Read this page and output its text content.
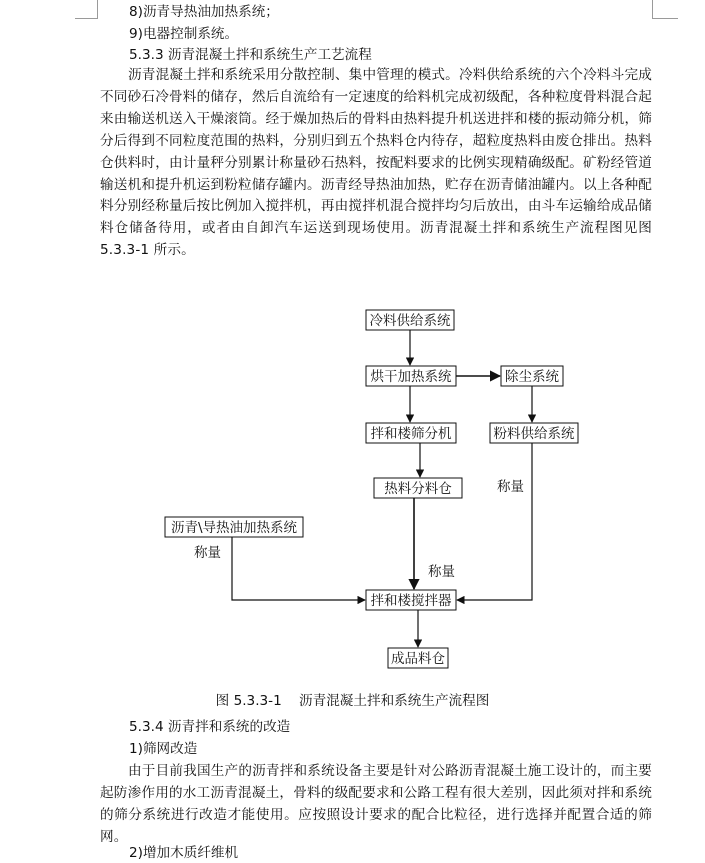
8)沥青导热油加热系统；
9)电器控制系统。
5.3.3 沥青混凝土拌和系统生产工艺流程

沥青混凝土拌和系统采用分散控制、集中管理的模式。冷料供给系统的六个冷料斗完成不同砂石冷骨料的储存，然后自流给有一定速度的给料机完成初级配，各种粒度骨料混合起来由输送机送入干燥滚筒。经于燥加热后的骨料由热料提升机送进拌和楼的振动筛分机，筛分后得到不同粒度范围的热料，分别归到五个热料仓内待存，超粒度热料由废仓排出。热料仓供料时，由计量秤分别累计称量砂石热料，按配料要求的比例实现精确级配。矿粉经管道输送机和提升机运到粉粒储存罐内。沥青经导热油加热，贮存在沥青储油罐内。以上各种配料分别经称量后按比例加入搅拌机，再由搅拌机混合搅拌均匀后放出，由斗车运输给成品储料仓储备待用，或者由自卸汽车运送到现场使用。沥青混凝土拌和系统生产流程图见图 5.3.3-1 所示。

冷料供给系统
烘干加热系统	除尘系统
拌和楼筛分机	粉料供给系统
热料分料仓
沥青\导热油加热系统
拌和楼搅拌器
成品料仓
称量
称量
称量
图 5.3.3-1    沥青混凝土拌和系统生产流程图
5.3.4 沥青拌和系统的改造
1)筛网改造

由于目前我国生产的沥青拌和系统设备主要是针对公路沥青混凝土施工设计的，而主要起防渗作用的水工沥青混凝土，骨料的级配要求和公路工程有很大差别，因此须对拌和系统的筛分系统进行改造才能使用。应按照设计要求的配合比粒径，进行选择并配置合适的筛网。

2)增加木质纤维机
